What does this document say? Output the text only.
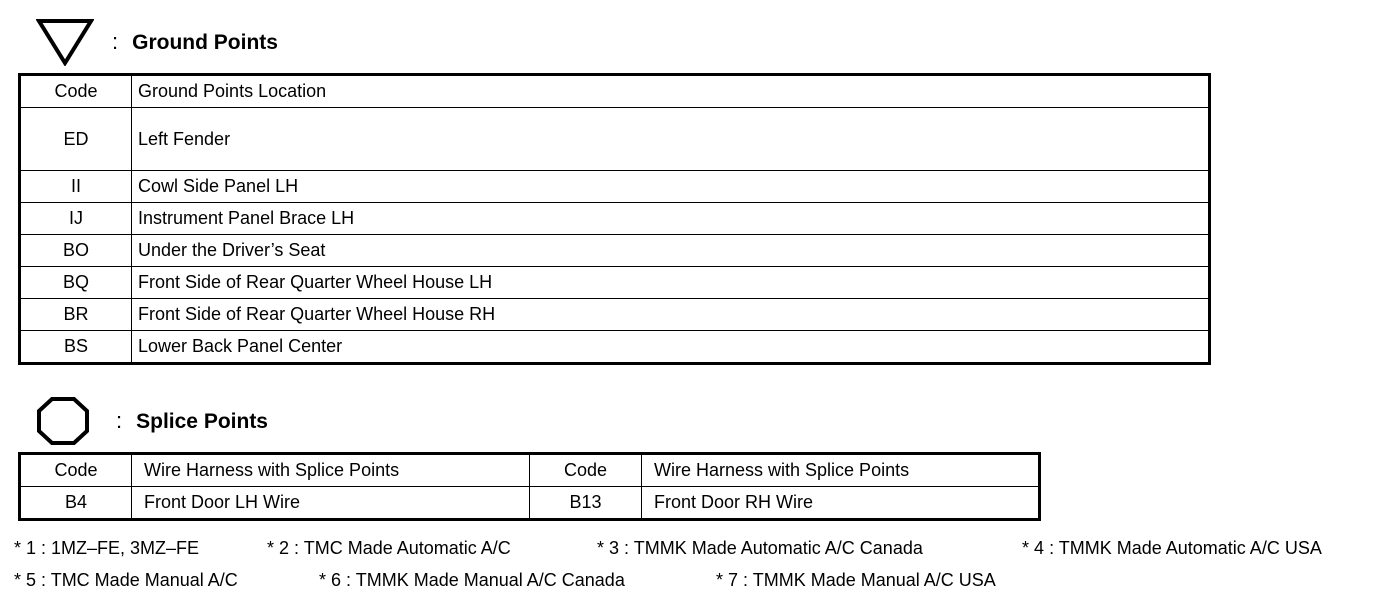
: Ground Points
Code	Ground Points Location
ED	Left Fender
II	Cowl Side Panel LH
IJ	Instrument Panel Brace LH
BO	Under the Driver’s Seat
BQ	Front Side of Rear Quarter Wheel House LH
BR	Front Side of Rear Quarter Wheel House RH
BS	Lower Back Panel Center
: Splice Points
Code	Wire Harness with Splice Points	Code	Wire Harness with Splice Points
B4	Front Door LH Wire	B13	Front Door RH Wire
* 1 : 1MZ–FE, 3MZ–FE	* 2 : TMC Made Automatic A/C	* 3 : TMMK Made Automatic A/C Canada	* 4 : TMMK Made Automatic A/C USA
* 5 : TMC Made Manual A/C	* 6 : TMMK Made Manual A/C Canada	* 7 : TMMK Made Manual A/C USA
